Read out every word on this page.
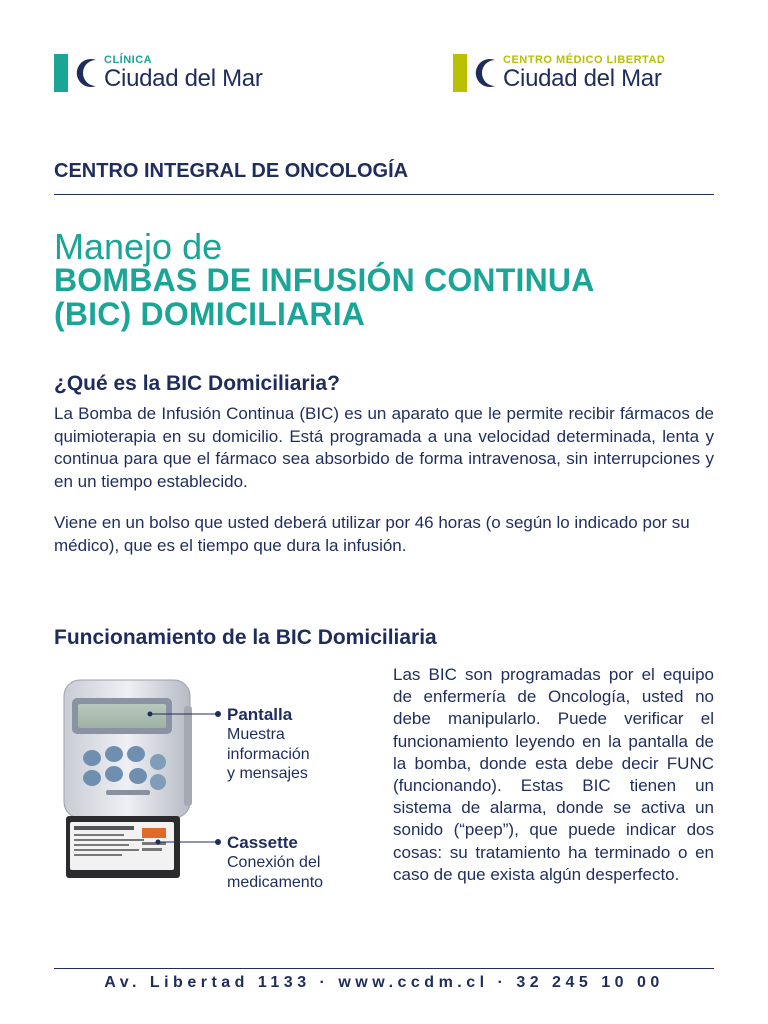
CLÍNICA
Ciudad del Mar
CENTRO MÉDICO LIBERTAD
Ciudad del Mar
CENTRO INTEGRAL DE ONCOLOGÍA
Manejo de
BOMBAS DE INFUSIÓN CONTINUA
(BIC) DOMICILIARIA
¿Qué es la BIC Domiciliaria?

La Bomba de Infusión Continua (BIC) es un aparato que le permite recibir fármacos de quimioterapia en su domicilio. Está programada a una velocidad determinada, lenta y continua para que el fármaco sea absorbido de forma intravenosa, sin interrupciones y en un tiempo establecido.

Viene en un bolso que usted deberá utilizar por 46 horas (o según lo indicado por su médico), que es el tiempo que dura la infusión.

Funcionamiento de la BIC Domiciliaria
Pantalla
Muestra
información
y mensajes
Cassette
Conexión del
medicamento

Las BIC son programadas por el equipo de enfermería de Oncología, usted no debe manipularlo. Puede verificar el funcionamiento leyendo en la pantalla de la bomba, donde esta debe decir FUNC (funcionando). Estas BIC tienen un sistema de alarma, donde se activa un sonido (“peep”), que puede indicar dos cosas: su tratamiento ha terminado o en caso de que exista algún desperfecto.

Av. Libertad 1133 · www.ccdm.cl · 32 245 10 00
